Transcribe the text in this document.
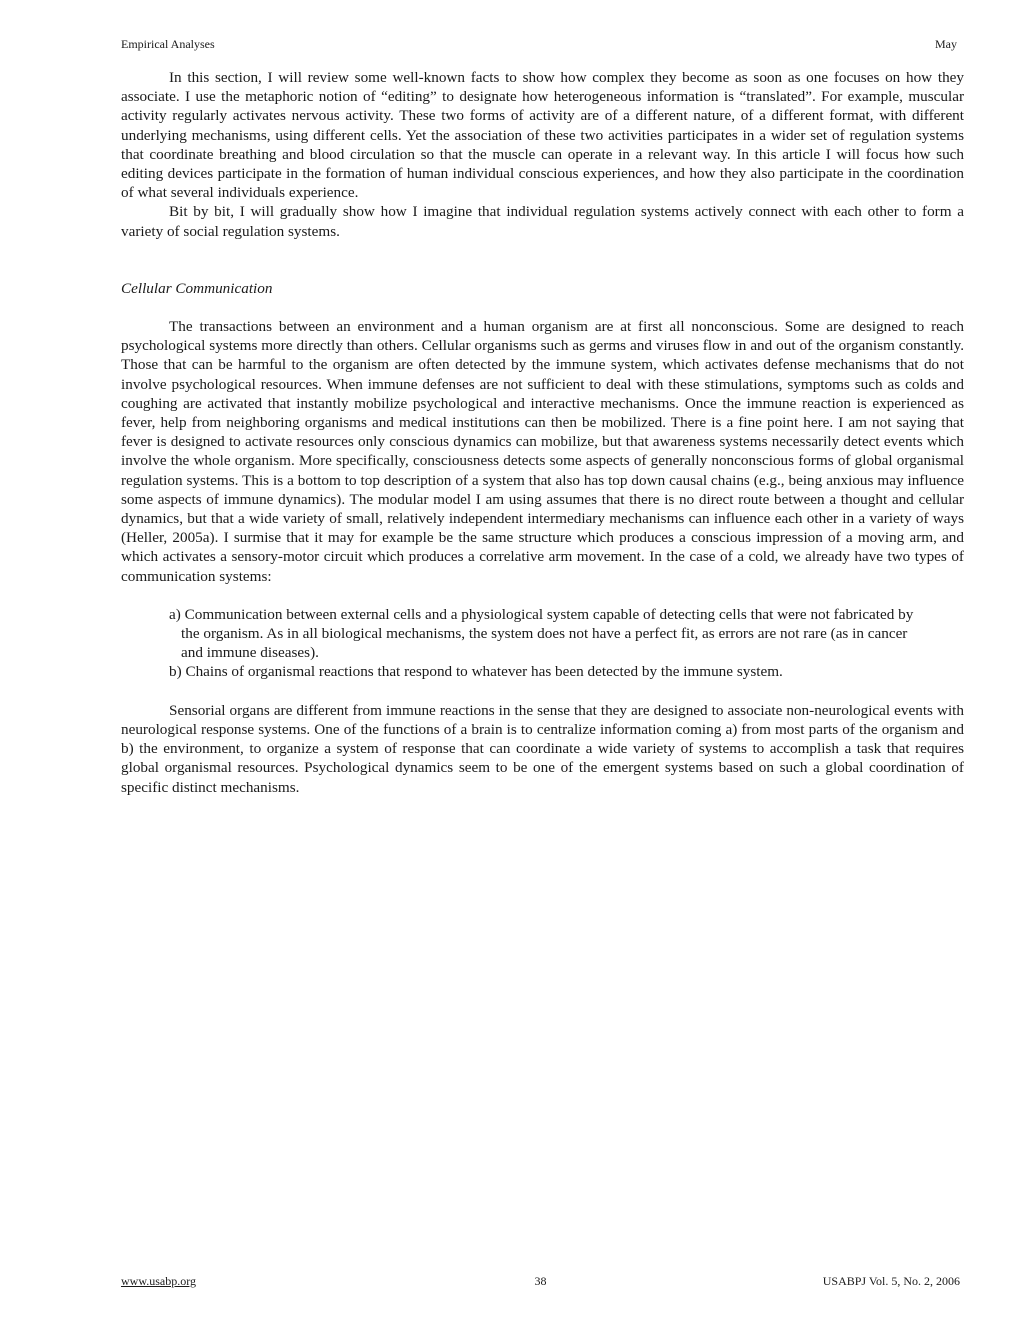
Empirical Analyses	May

In this section, I will review some well-known facts to show how complex they become as soon as one focuses on how they associate. I use the metaphoric notion of “editing” to designate how heterogeneous information is “translated”. For example, muscular activity regularly activates nervous activity. These two forms of activity are of a different nature, of a different format, with different underlying mechanisms, using different cells. Yet the association of these two activities participates in a wider set of regulation systems that coordinate breathing and blood circulation so that the muscle can operate in a relevant way. In this article I will focus how such editing devices participate in the formation of human individual conscious experiences, and how they also participate in the coordination of what several individuals experience.

Bit by bit, I will gradually show how I imagine that individual regulation systems actively connect with each other to form a variety of social regulation systems.

Cellular Communication

The transactions between an environment and a human organism are at first all nonconscious. Some are designed to reach psychological systems more directly than others. Cellular organisms such as germs and viruses flow in and out of the organism constantly. Those that can be harmful to the organism are often detected by the immune system, which activates defense mechanisms that do not involve psychological resources. When immune defenses are not sufficient to deal with these stimulations, symptoms such as colds and coughing are activated that instantly mobilize psychological and interactive mechanisms. Once the immune reaction is experienced as fever, help from neighboring organisms and medical institutions can then be mobilized. There is a fine point here. I am not saying that fever is designed to activate resources only conscious dynamics can mobilize, but that awareness systems necessarily detect events which involve the whole organism. More specifically, consciousness detects some aspects of generally nonconscious forms of global organismal regulation systems. This is a bottom to top description of a system that also has top down causal chains (e.g., being anxious may influence some aspects of immune dynamics). The modular model I am using assumes that there is no direct route between a thought and cellular dynamics, but that a wide variety of small, relatively independent intermediary mechanisms can influence each other in a variety of ways (Heller, 2005a). I surmise that it may for example be the same structure which produces a conscious impression of a moving arm, and which activates a sensory-motor circuit which produces a correlative arm movement. In the case of a cold, we already have two types of communication systems:

a) Communication between external cells and a physiological system capable of detecting cells that were not fabricated by the organism. As in all biological mechanisms, the system does not have a perfect fit, as errors are not rare (as in cancer and immune diseases).
b) Chains of organismal reactions that respond to whatever has been detected by the immune system.

Sensorial organs are different from immune reactions in the sense that they are designed to associate non-neurological events with neurological response systems. One of the functions of a brain is to centralize information coming a) from most parts of the organism and b) the environment, to organize a system of response that can coordinate a wide variety of systems to accomplish a task that requires global organismal resources. Psychological dynamics seem to be one of the emergent systems based on such a global coordination of specific distinct mechanisms.

www.usabp.org	38	USABPJ Vol. 5, No. 2, 2006
